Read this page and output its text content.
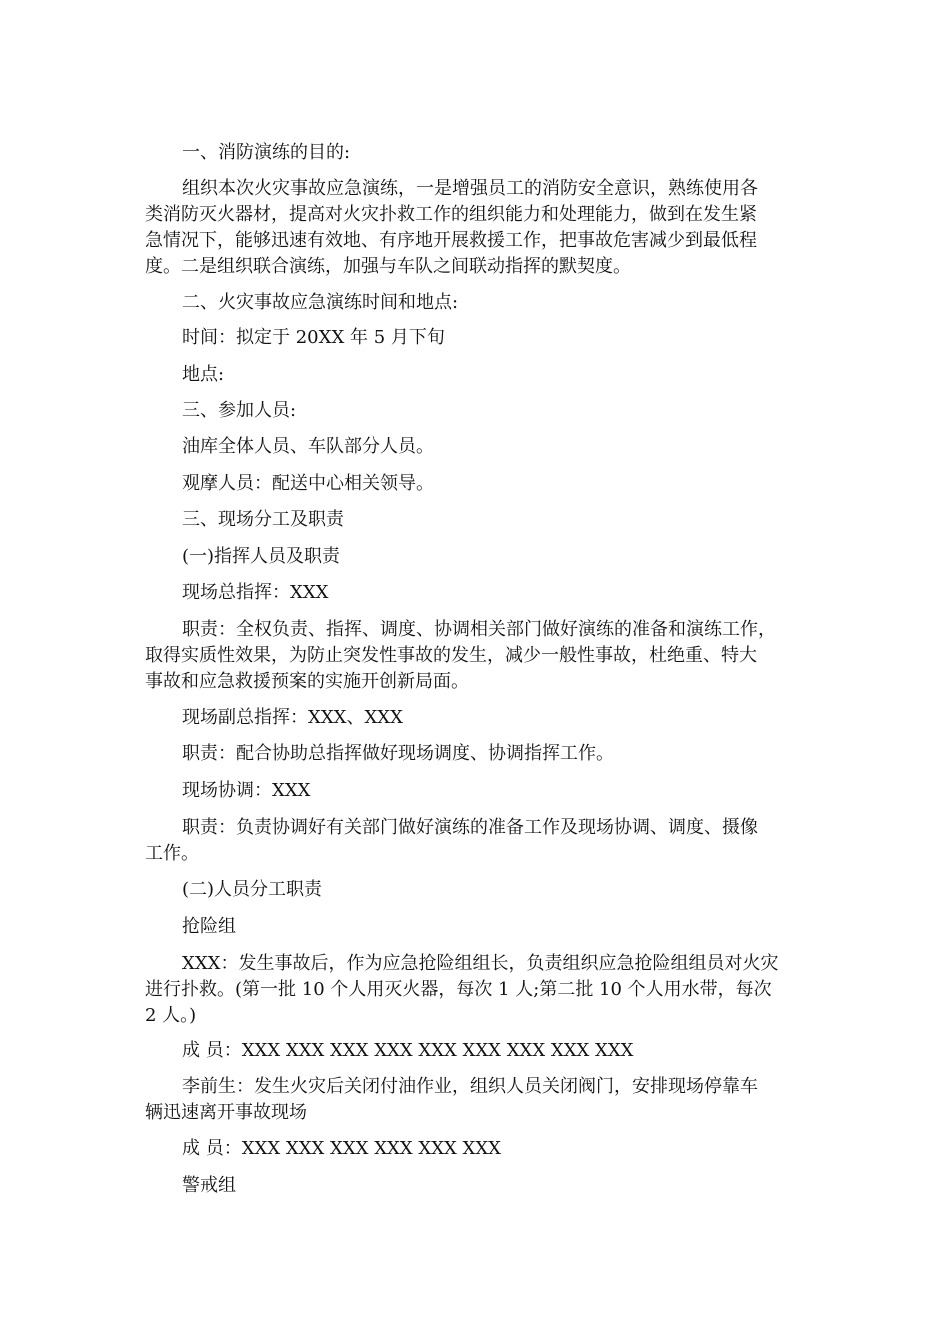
一、消防演练的目的:
组织本次火灾事故应急演练，一是增强员工的消防安全意识，熟练使用各
类消防灭火器材，提高对火灾扑救工作的组织能力和处理能力，做到在发生紧
急情况下，能够迅速有效地、有序地开展救援工作，把事故危害减少到最低程
度。二是组织联合演练，加强与车队之间联动指挥的默契度。
二、火灾事故应急演练时间和地点:
时间：拟定于 20XX 年 5 月下旬
地点:
三、参加人员:
油库全体人员、车队部分人员。
观摩人员：配送中心相关领导。
三、现场分工及职责
(一)指挥人员及职责
现场总指挥：XXX
职责：全权负责、指挥、调度、协调相关部门做好演练的准备和演练工作，
取得实质性效果，为防止突发性事故的发生，减少一般性事故，杜绝重、特大
事故和应急救援预案的实施开创新局面。
现场副总指挥：XXX、XXX
职责：配合协助总指挥做好现场调度、协调指挥工作。
现场协调：XXX
职责：负责协调好有关部门做好演练的准备工作及现场协调、调度、摄像
工作。
(二)人员分工职责
抢险组
XXX：发生事故后，作为应急抢险组组长，负责组织应急抢险组组员对火灾
进行扑救。(第一批 10 个人用灭火器，每次 1 人;第二批 10 个人用水带，每次
2 人。)
成 员：XXX XXX XXX XXX XXX XXX XXX XXX XXX
李前生：发生火灾后关闭付油作业，组织人员关闭阀门，安排现场停靠车
辆迅速离开事故现场
成 员：XXX XXX XXX XXX XXX XXX
警戒组
